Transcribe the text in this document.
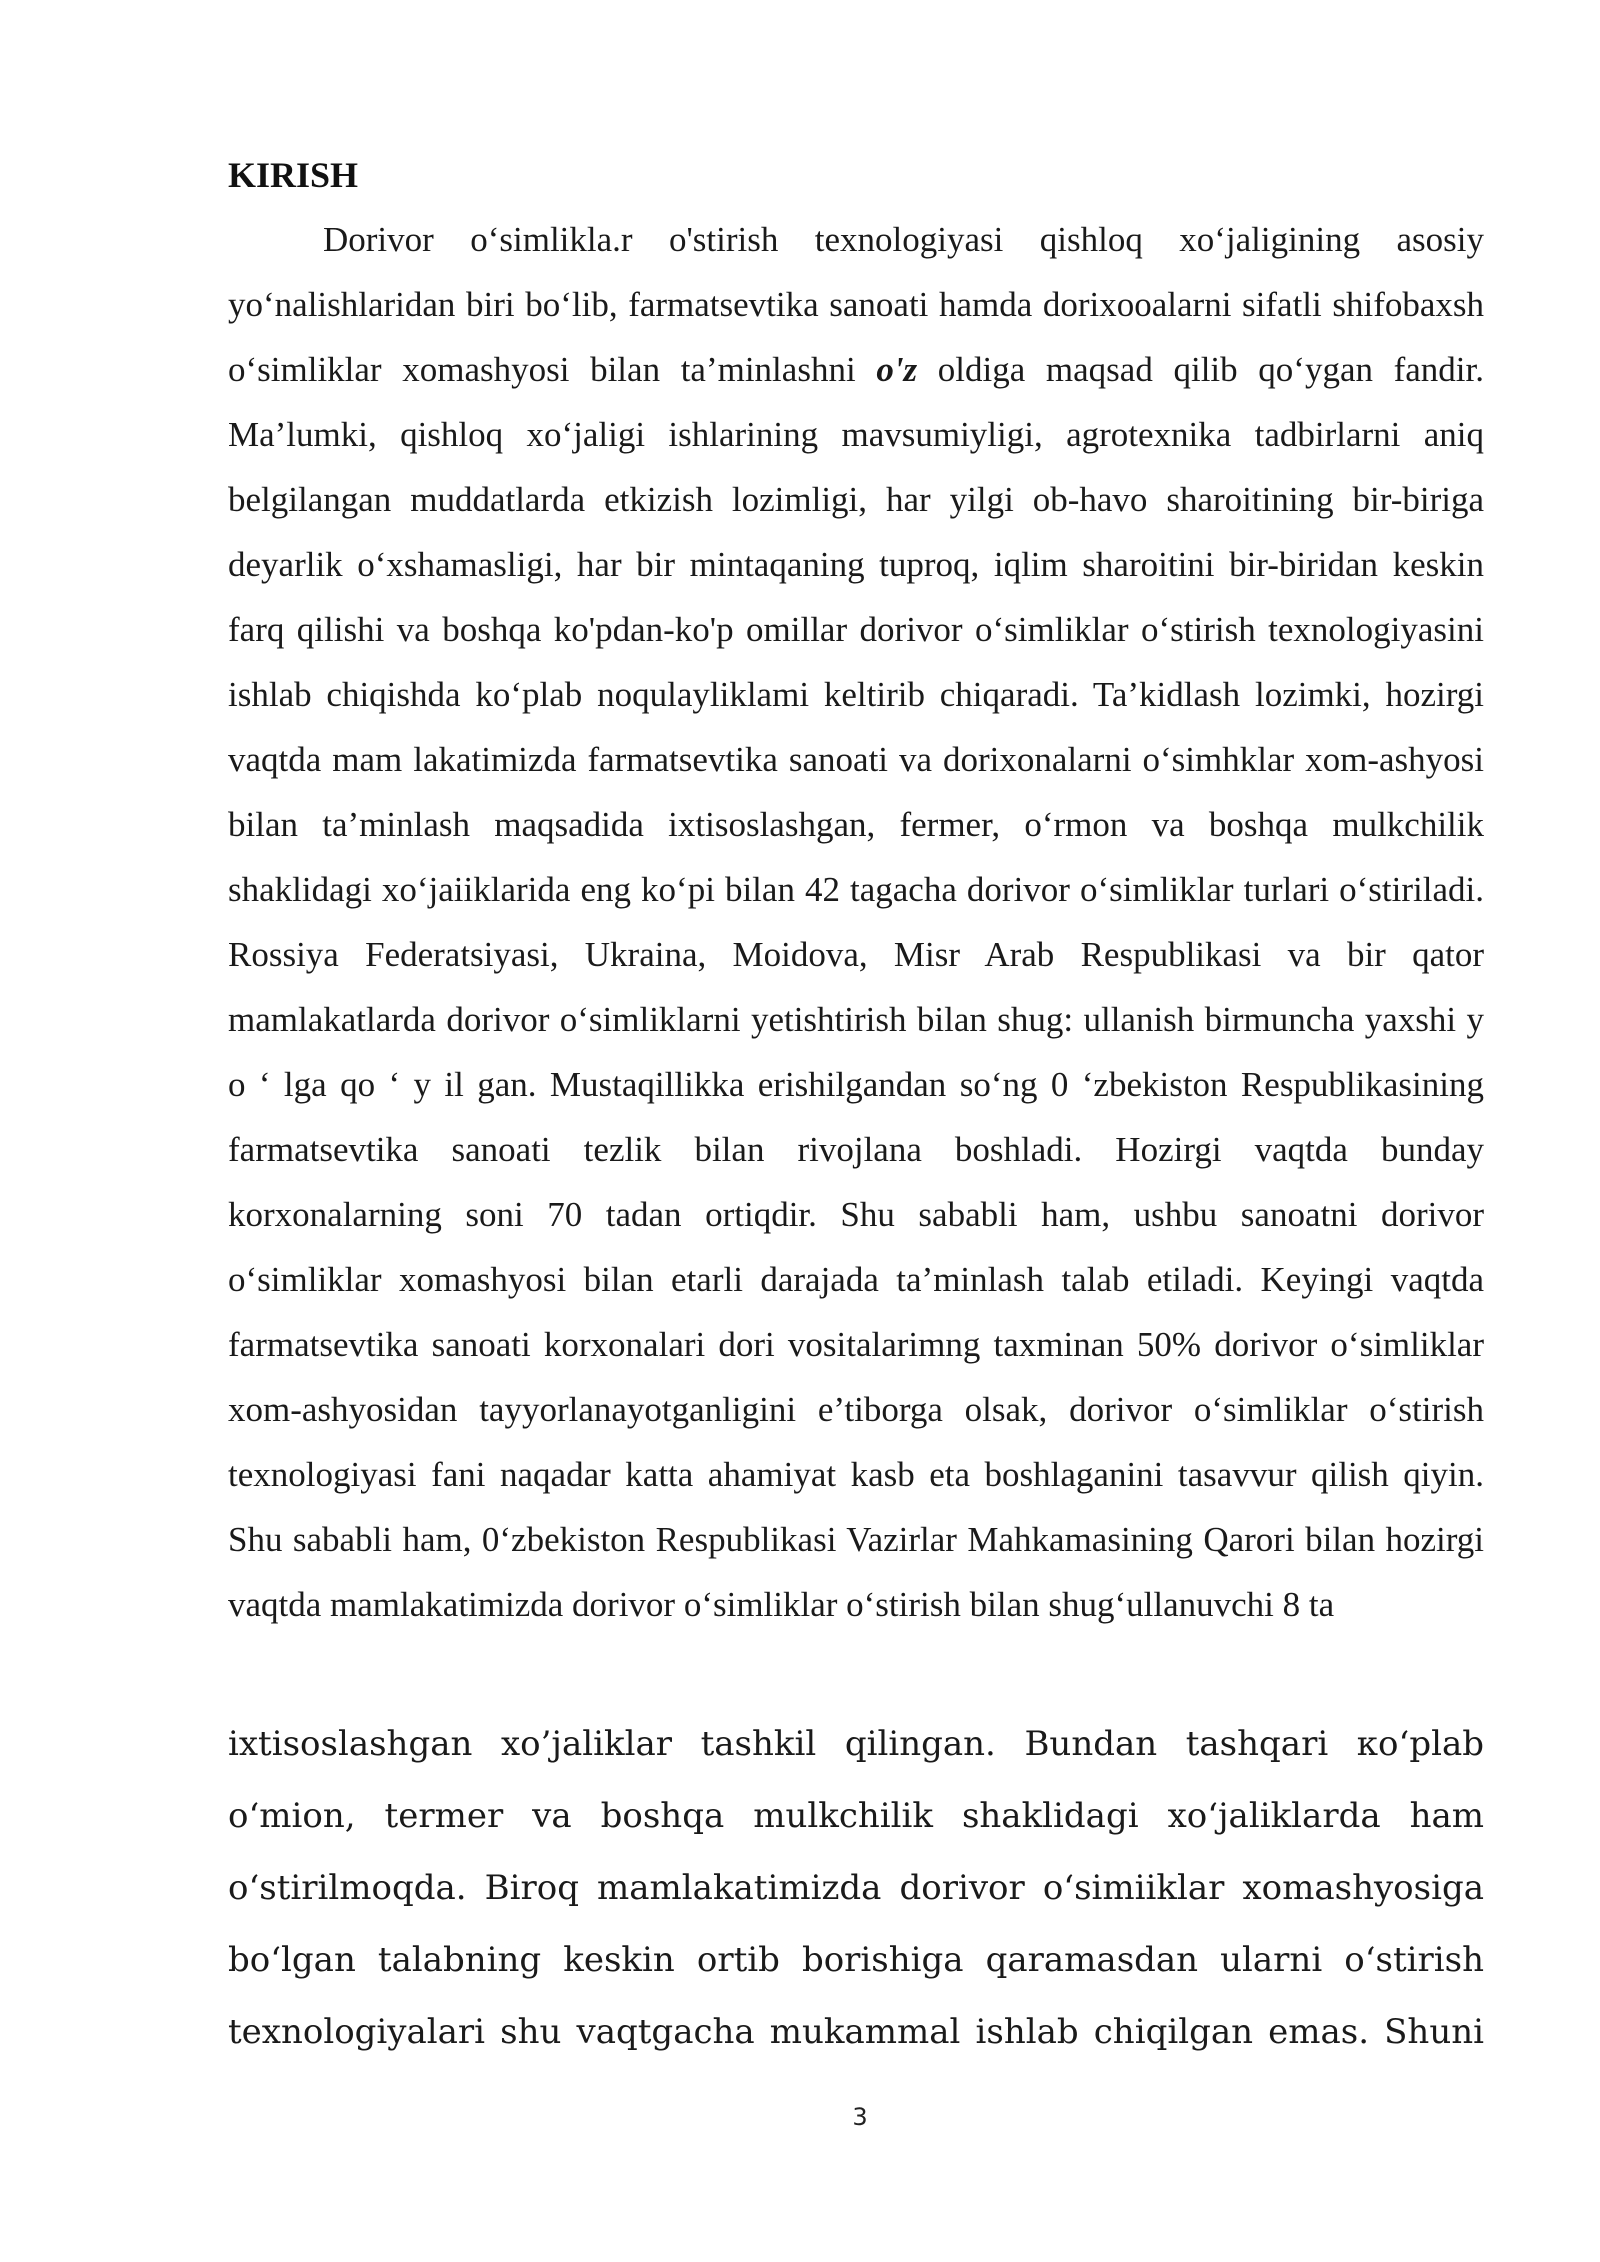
KIRISH

Dorivor o‘simlikla.r o'stirish texnologiyasi qishloq xo‘jaligining asosiy yo‘nalishlaridan biri bo‘lib, farmatsevtika sanoati hamda dorixooalarni sifatli shifobaxsh o‘simliklar xomashyosi bilan ta’minlashni o'z oldiga maqsad qilib qo‘ygan fandir. Ma’lumki, qishloq xo‘jaligi ishlarining mavsumiyligi, agrotexnika tadbirlarni aniq belgilangan muddatlarda etkizish lozimligi, har yilgi ob-havo sharoitining bir-biriga deyarlik o‘xshamasligi, har bir mintaqaning tuproq, iqlim sharoitini bir-biridan keskin farq qilishi va boshqa ko'pdan-ko'p omillar dorivor o‘simliklar o‘stirish texnologiyasini ishlab chiqishda ko‘plab noqulayliklami keltirib chiqaradi. Ta’kidlash lozimki, hozirgi vaqtda mam lakatimizda farmatsevtika sanoati va dorixonalarni o‘simhklar xom-ashyosi bilan ta’minlash maqsadida ixtisoslashgan, fermer, o‘rmon va boshqa mulkchilik shaklidagi xo‘jaiiklarida eng ko‘pi bilan 42 tagacha dorivor o‘simliklar turlari o‘stiriladi. Rossiya Federatsiyasi, Ukraina, Moidova, Misr Arab Respublikasi va bir qator mamlakatlarda dorivor o‘simliklarni yetishtirish bilan shug: ullanish birmuncha yaxshi y o ‘ lga qo ‘ y il gan. Mustaqillikka erishilgandan so‘ng 0 ‘zbekiston Respublikasining farmatsevtika sanoati tezlik bilan rivojlana boshladi. Hozirgi vaqtda bunday korxonalarning soni 70 tadan ortiqdir. Shu sababli ham, ushbu sanoatni dorivor o‘simliklar xomashyosi bilan etarli darajada ta’minlash talab etiladi. Keyingi vaqtda farmatsevtika sanoati korxonalari dori vositalarimng taxminan 50% dorivor o‘simliklar xom-ashyosidan tayyorlanayotganligini e’tiborga olsak, dorivor o‘simliklar o‘stirish texnologiyasi fani naqadar katta ahamiyat kasb eta boshlaganini tasavvur qilish qiyin. Shu sababli ham, 0‘zbekiston Respublikasi Vazirlar Mahkamasining Qarori bilan hozirgi vaqtda mamlakatimizda dorivor o‘simliklar o‘stirish bilan shug‘ullanuvchi 8 ta

ixtisoslashgan xo’jaliklar tashkil qilingan. Bundan tashqari ко‘plab o‘mion, termer va boshqa mulkchilik shaklidagi xo‘jaliklarda ham o‘stirilmoqda. Biroq mamlakatimizda dorivor o‘simiiklar xomashyosiga bo‘lgan talabning keskin ortib borishiga qaramasdan ularni o‘stirish texnologiyalari shu vaqtgacha mukammal ishlab chiqilgan emas. Shuni

3
